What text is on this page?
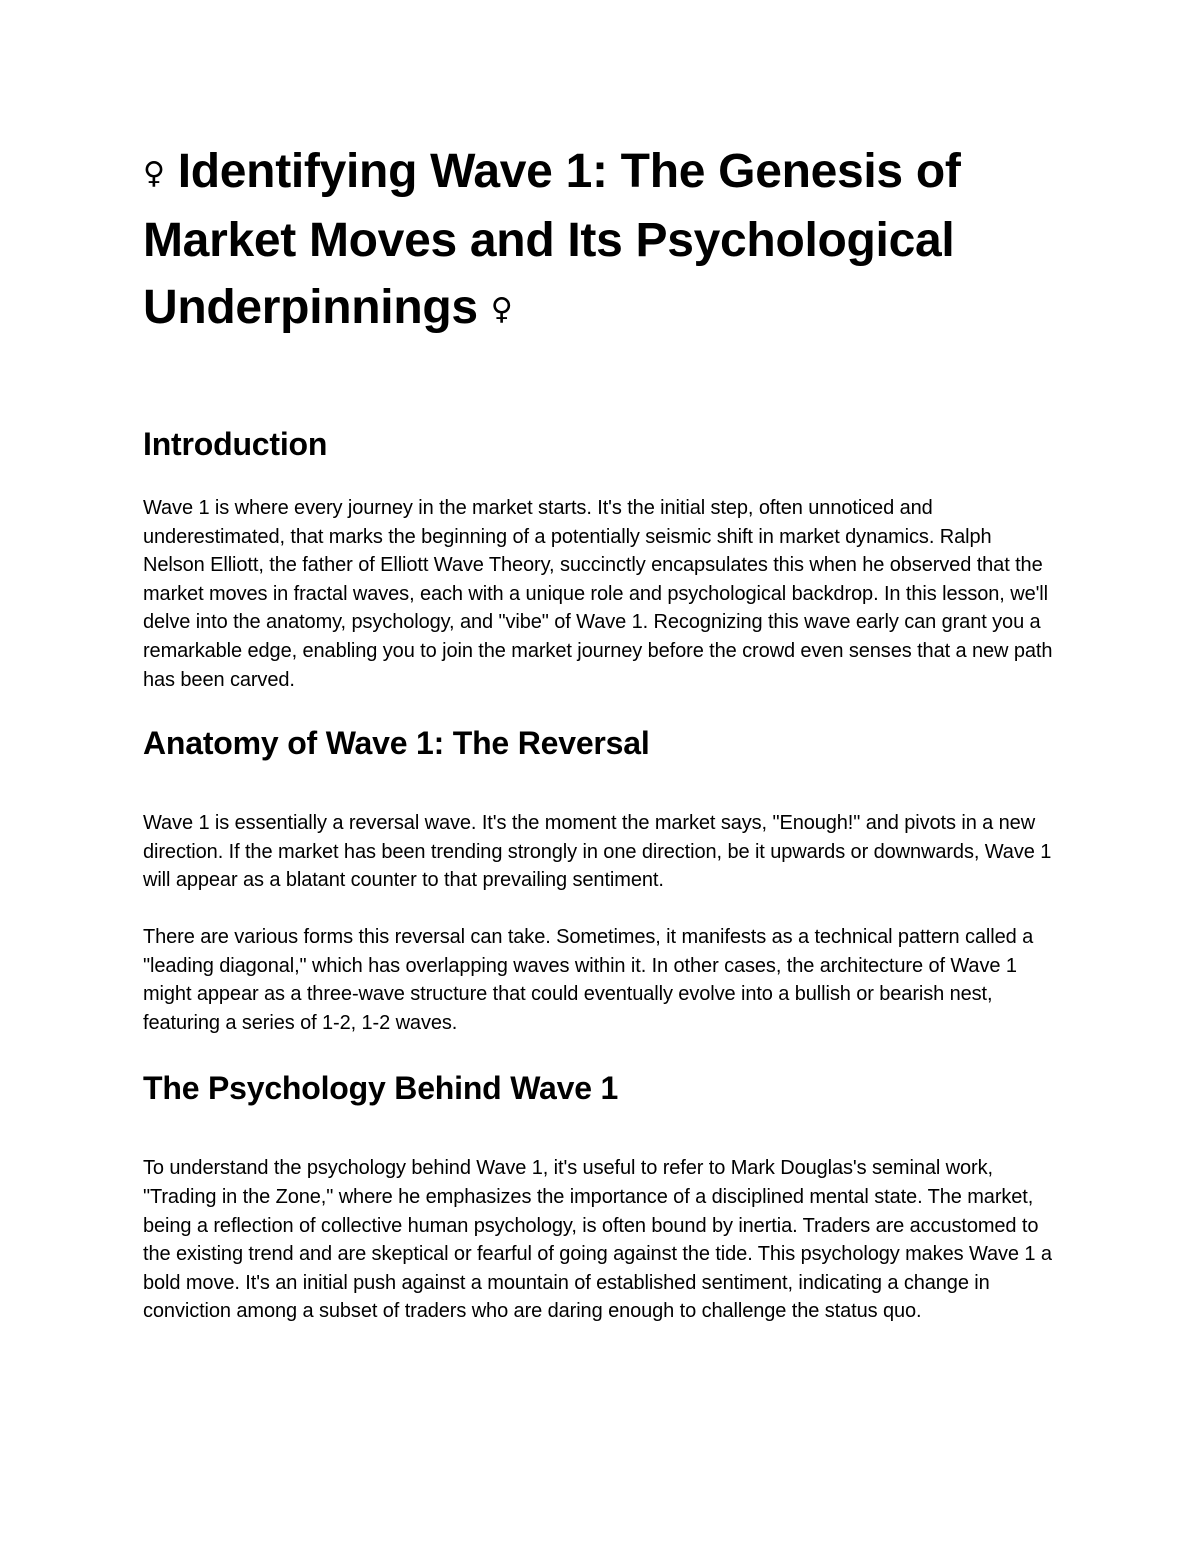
♀ Identifying Wave 1: The Genesis of Market Moves and Its Psychological Underpinnings ♀
Introduction

Wave 1 is where every journey in the market starts. It's the initial step, often unnoticed and underestimated, that marks the beginning of a potentially seismic shift in market dynamics. Ralph Nelson Elliott, the father of Elliott Wave Theory, succinctly encapsulates this when he observed that the market moves in fractal waves, each with a unique role and psychological backdrop. In this lesson, we'll delve into the anatomy, psychology, and "vibe" of Wave 1. Recognizing this wave early can grant you a remarkable edge, enabling you to join the market journey before the crowd even senses that a new path has been carved.

Anatomy of Wave 1: The Reversal

Wave 1 is essentially a reversal wave. It's the moment the market says, "Enough!" and pivots in a new direction. If the market has been trending strongly in one direction, be it upwards or downwards, Wave 1 will appear as a blatant counter to that prevailing sentiment.

There are various forms this reversal can take. Sometimes, it manifests as a technical pattern called a "leading diagonal," which has overlapping waves within it. In other cases, the architecture of Wave 1 might appear as a three-wave structure that could eventually evolve into a bullish or bearish nest, featuring a series of 1-2, 1-2 waves.

The Psychology Behind Wave 1

To understand the psychology behind Wave 1, it's useful to refer to Mark Douglas's seminal work, "Trading in the Zone," where he emphasizes the importance of a disciplined mental state. The market, being a reflection of collective human psychology, is often bound by inertia. Traders are accustomed to the existing trend and are skeptical or fearful of going against the tide. This psychology makes Wave 1 a bold move. It's an initial push against a mountain of established sentiment, indicating a change in conviction among a subset of traders who are daring enough to challenge the status quo.
